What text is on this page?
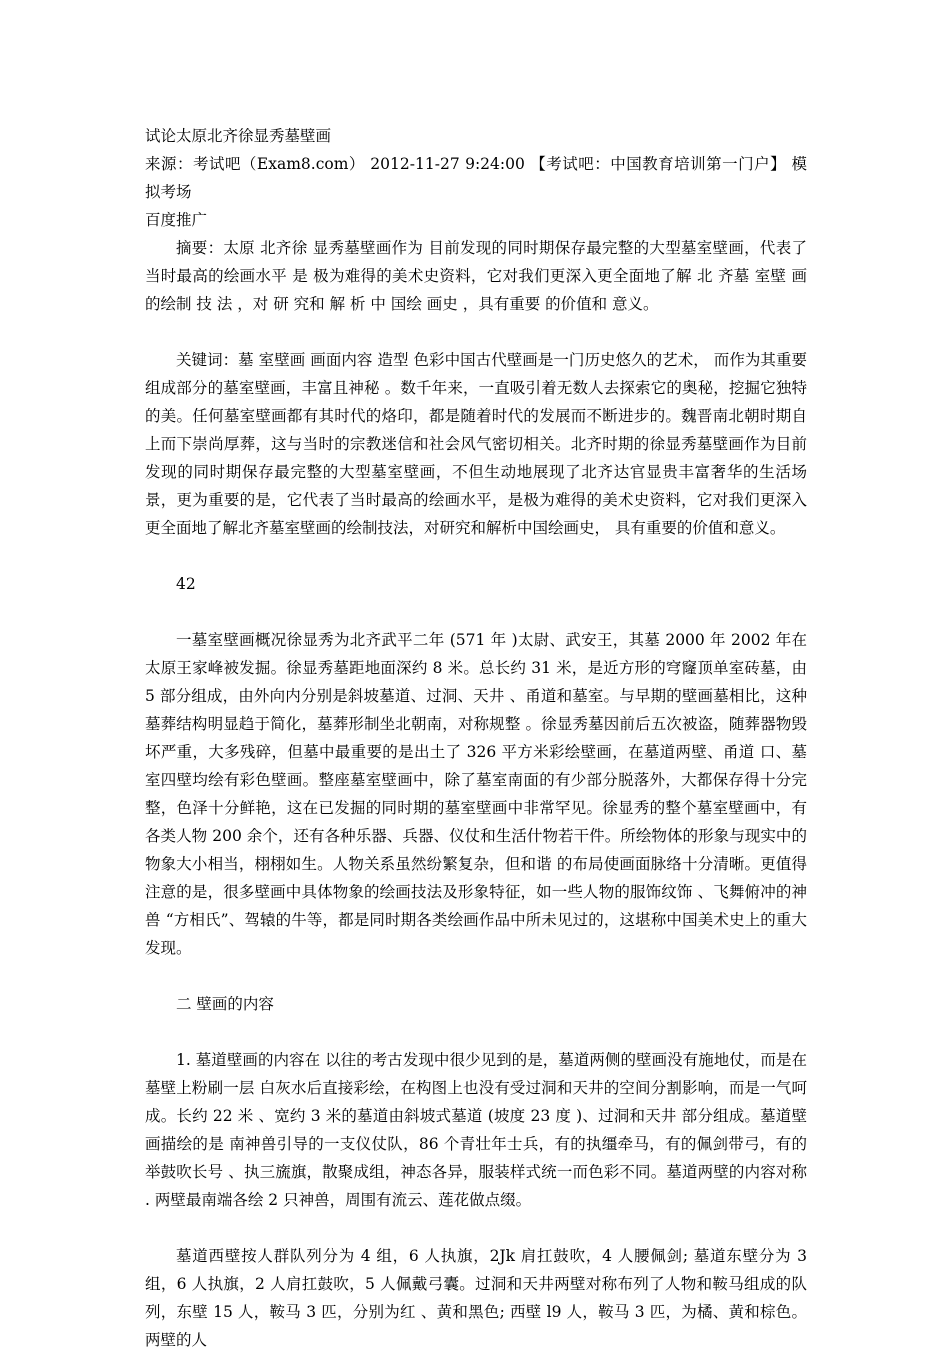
试论太原北齐徐显秀墓壁画

来源：考试吧（Exam8.com） 2012-11-27 9:24:00 【考试吧：中国教育培训第一门户】 模拟考场

百度推广

摘要：太原 北齐徐 显秀墓壁画作为 目前发现的同时期保存最完整的大型墓室壁画，代表了当时最高的绘画水平 是 极为难得的美术史资料，它对我们更深入更全面地了解 北 齐墓 室壁 画 的绘制 技 法 ，对 研 究和 解 析 中 国绘 画史 ，具有重要 的价值和 意义。

关键词：墓 室壁画 画面内容 造型 色彩中国古代壁画是一门历史悠久的艺术， 而作为其重要组成部分的墓室壁画，丰富且神秘 。数千年来，一直吸引着无数人去探索它的奥秘，挖掘它独特的美。任何墓室壁画都有其时代的烙印，都是随着时代的发展而不断进步的。魏晋南北朝时期自上而下崇尚厚葬，这与当时的宗教迷信和社会风气密切相关。北齐时期的徐显秀墓壁画作为目前发现的同时期保存最完整的大型墓室壁画，不但生动地展现了北齐达官显贵丰富奢华的生活场景，更为重要的是，它代表了当时最高的绘画水平，是极为难得的美术史资料，它对我们更深入更全面地了解北齐墓室壁画的绘制技法，对研究和解析中国绘画史， 具有重要的价值和意义。

42

一墓室壁画概况徐显秀为北齐武平二年 (571 年 )太尉、武安王，其墓 2000 年 2002 年在太原王家峰被发掘。徐显秀墓距地面深约 8 米。总长约 31 米，是近方形的穹窿顶单室砖墓，由 5 部分组成，由外向内分别是斜坡墓道、过洞、天井 、甬道和墓室。与早期的壁画墓相比，这种墓葬结构明显趋于简化，墓葬形制坐北朝南，对称规整 。徐显秀墓因前后五次被盗，随葬器物毁坏严重，大多残碎，但墓中最重要的是出土了 326 平方米彩绘壁画，在墓道两壁、甬道 口、墓室四壁均绘有彩色壁画。整座墓室壁画中，除了墓室南面的有少部分脱落外，大都保存得十分完整，色泽十分鲜艳，这在已发掘的同时期的墓室壁画中非常罕见。徐显秀的整个墓室壁画中，有各类人物 200 余个，还有各种乐器、兵器、仪仗和生活什物若干件。所绘物体的形象与现实中的物象大小相当，栩栩如生。人物关系虽然纷繁复杂，但和谐 的布局使画面脉络十分清晰。更值得注意的是，很多壁画中具体物象的绘画技法及形象特征，如一些人物的服饰纹饰 、飞舞俯冲的神兽 “方相氏”、驾辕的牛等，都是同时期各类绘画作品中所未见过的，这堪称中国美术史上的重大发现。

二 壁画的内容

1. 墓道壁画的内容在 以往的考古发现中很少见到的是，墓道两侧的壁画没有施地仗，而是在墓壁上粉刷一层 白灰水后直接彩绘，在构图上也没有受过洞和天井的空间分割影响，而是一气呵成。长约 22 米 、宽约 3 米的墓道由斜坡式墓道 (坡度 23 度 )、过洞和天井 部分组成。墓道壁画描绘的是 南神兽引导的一支仪仗队，86 个青壮年士兵，有的执缰牵马，有的佩剑带弓，有的举鼓吹长号 、执三旒旗，散聚成组，神态各异，服装样式统一而色彩不同。墓道两壁的内容对称 . 两壁最南端各绘 2 只神兽，周围有流云、莲花做点缀。

墓道西壁按人群队列分为 4 组，6 人执旗，2Jk 肩扛鼓吹，4 人腰佩剑; 墓道东壁分为 3 组，6 人执旗，2 人肩扛鼓吹，5 人佩戴弓囊。过洞和天井两壁对称布列了人物和鞍马组成的队列，东壁 15 人，鞍马 3 匹，分别为红 、黄和黑色; 西壁 l9 人，鞍马 3 匹，为橘、黄和棕色。两壁的人
